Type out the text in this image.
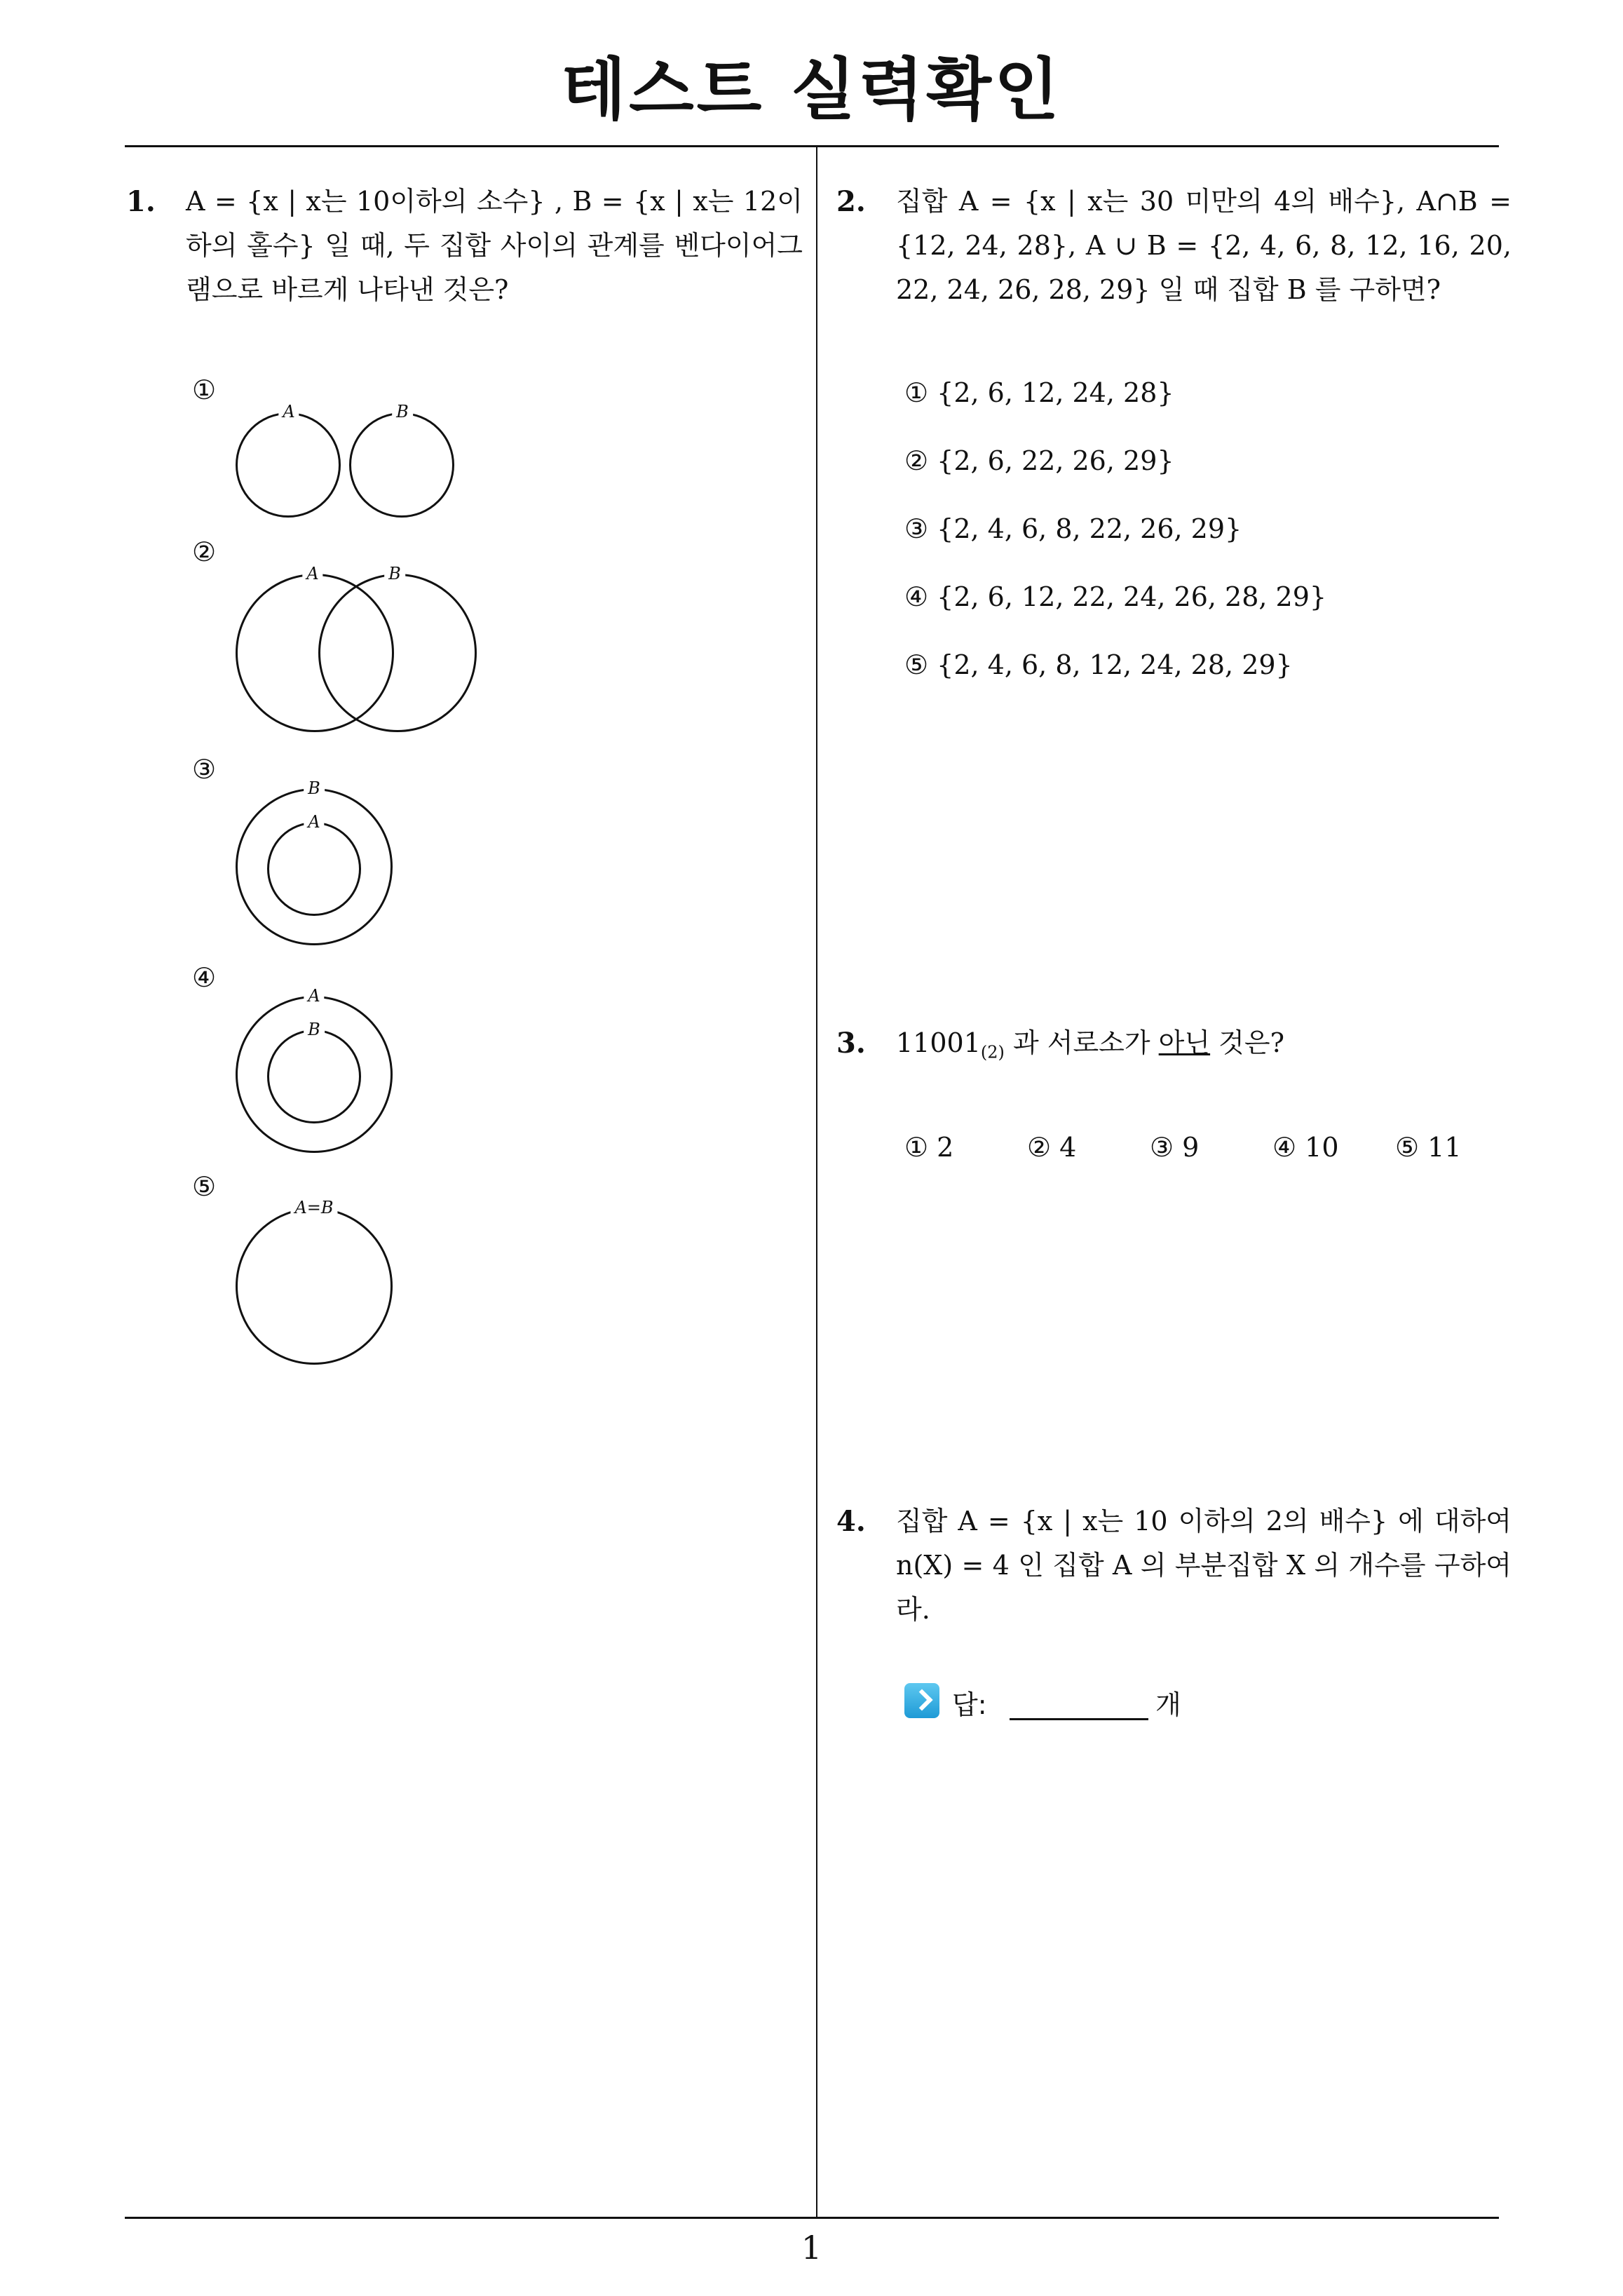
테스트 실력확인
1. A = {x | x는 10이하의 소수} , B = {x | x는 12이하의 홀수} 일 때, 두 집합 사이의 관계를 벤다이어그램으로 바르게 나타낸 것은?
①
②
③
④
⑤
A	B
A	B
B
A
A
B
A=B
2. 집합 A = {x | x는 30 미만의 4의 배수}, A∩B = {12, 24, 28}, A ∪ B = {2, 4, 6, 8, 12, 16, 20, 22, 24, 26, 28, 29} 일 때 집합 B 를 구하면?
① {2, 6, 12, 24, 28}
② {2, 6, 22, 26, 29}
③ {2, 4, 6, 8, 22, 26, 29}
④ {2, 6, 12, 22, 24, 26, 28, 29}
⑤ {2, 4, 6, 8, 12, 24, 28, 29}
3. $11001_{(2)}$ 과 서로소가 아닌 것은?
① 2	② 4	③ 9	④ 10 ⑤ 11
4. 집합 A = {x | x는 10 이하의 2의 배수} 에 대하여 n(X) = 4 인 집합 A 의 부분집합 X 의 개수를 구하여라.
답:	개
1
